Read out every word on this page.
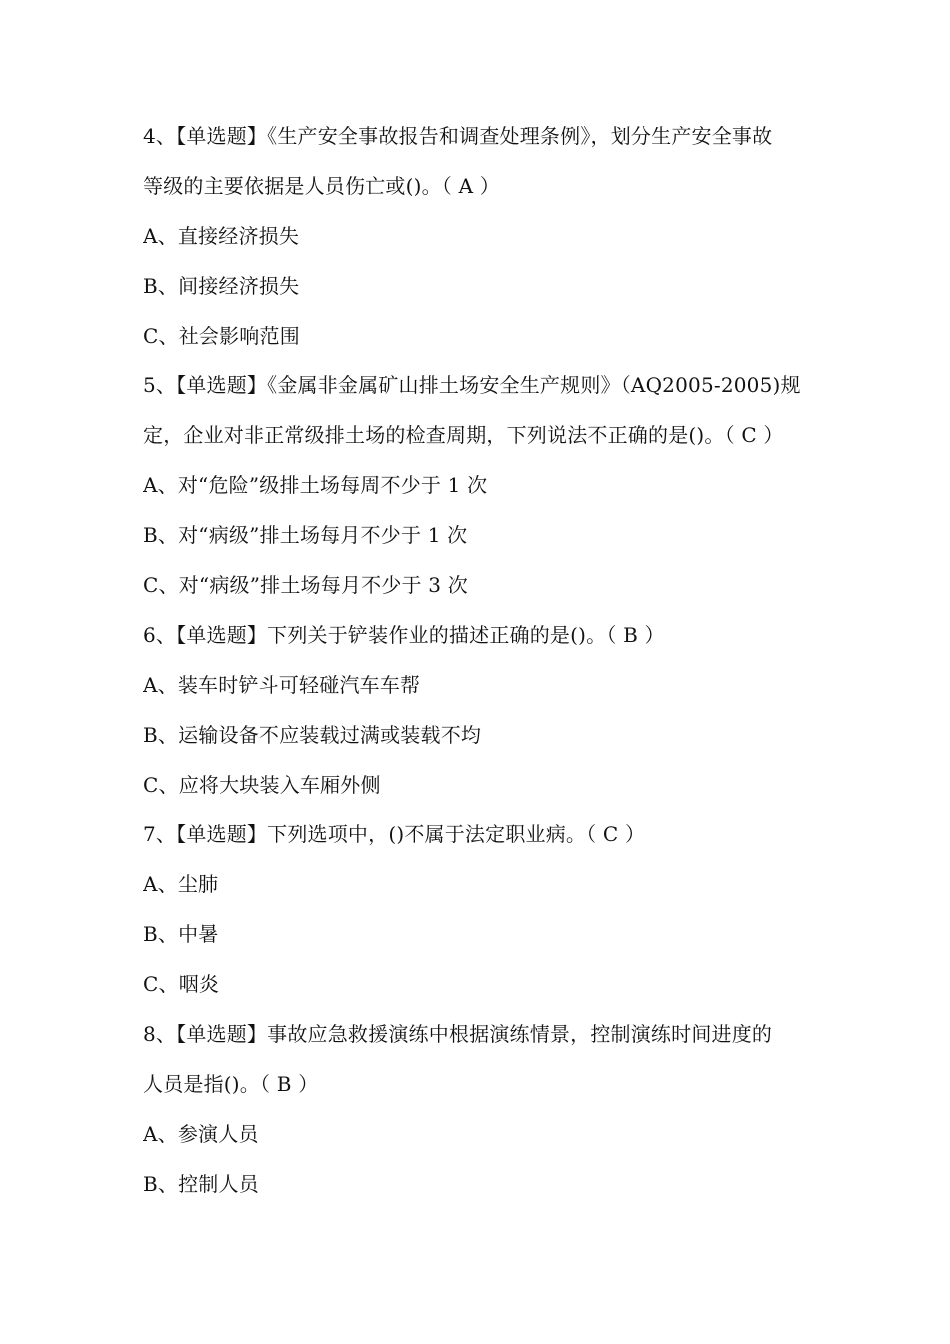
4、【单选题】《生产安全事故报告和调查处理条例》，划分生产安全事故
等级的主要依据是人员伤亡或()。（ A ）
A、直接经济损失
B、间接经济损失
C、社会影响范围
5、【单选题】《金属非金属矿山排土场安全生产规则》（AQ2005-2005)规
定，企业对非正常级排土场的检查周期，下列说法不正确的是()。（ C ）
A、对“危险”级排土场每周不少于 1 次
B、对“病级”排土场每月不少于 1 次
C、对“病级”排土场每月不少于 3 次
6、【单选题】下列关于铲装作业的描述正确的是()。（ B ）
A、装车时铲斗可轻碰汽车车帮
B、运输设备不应装载过满或装载不均
C、应将大块装入车厢外侧
7、【单选题】下列选项中，()不属于法定职业病。（ C ）
A、尘肺
B、中暑
C、咽炎
8、【单选题】事故应急救援演练中根据演练情景，控制演练时间进度的
人员是指()。（ B ）
A、参演人员
B、控制人员
